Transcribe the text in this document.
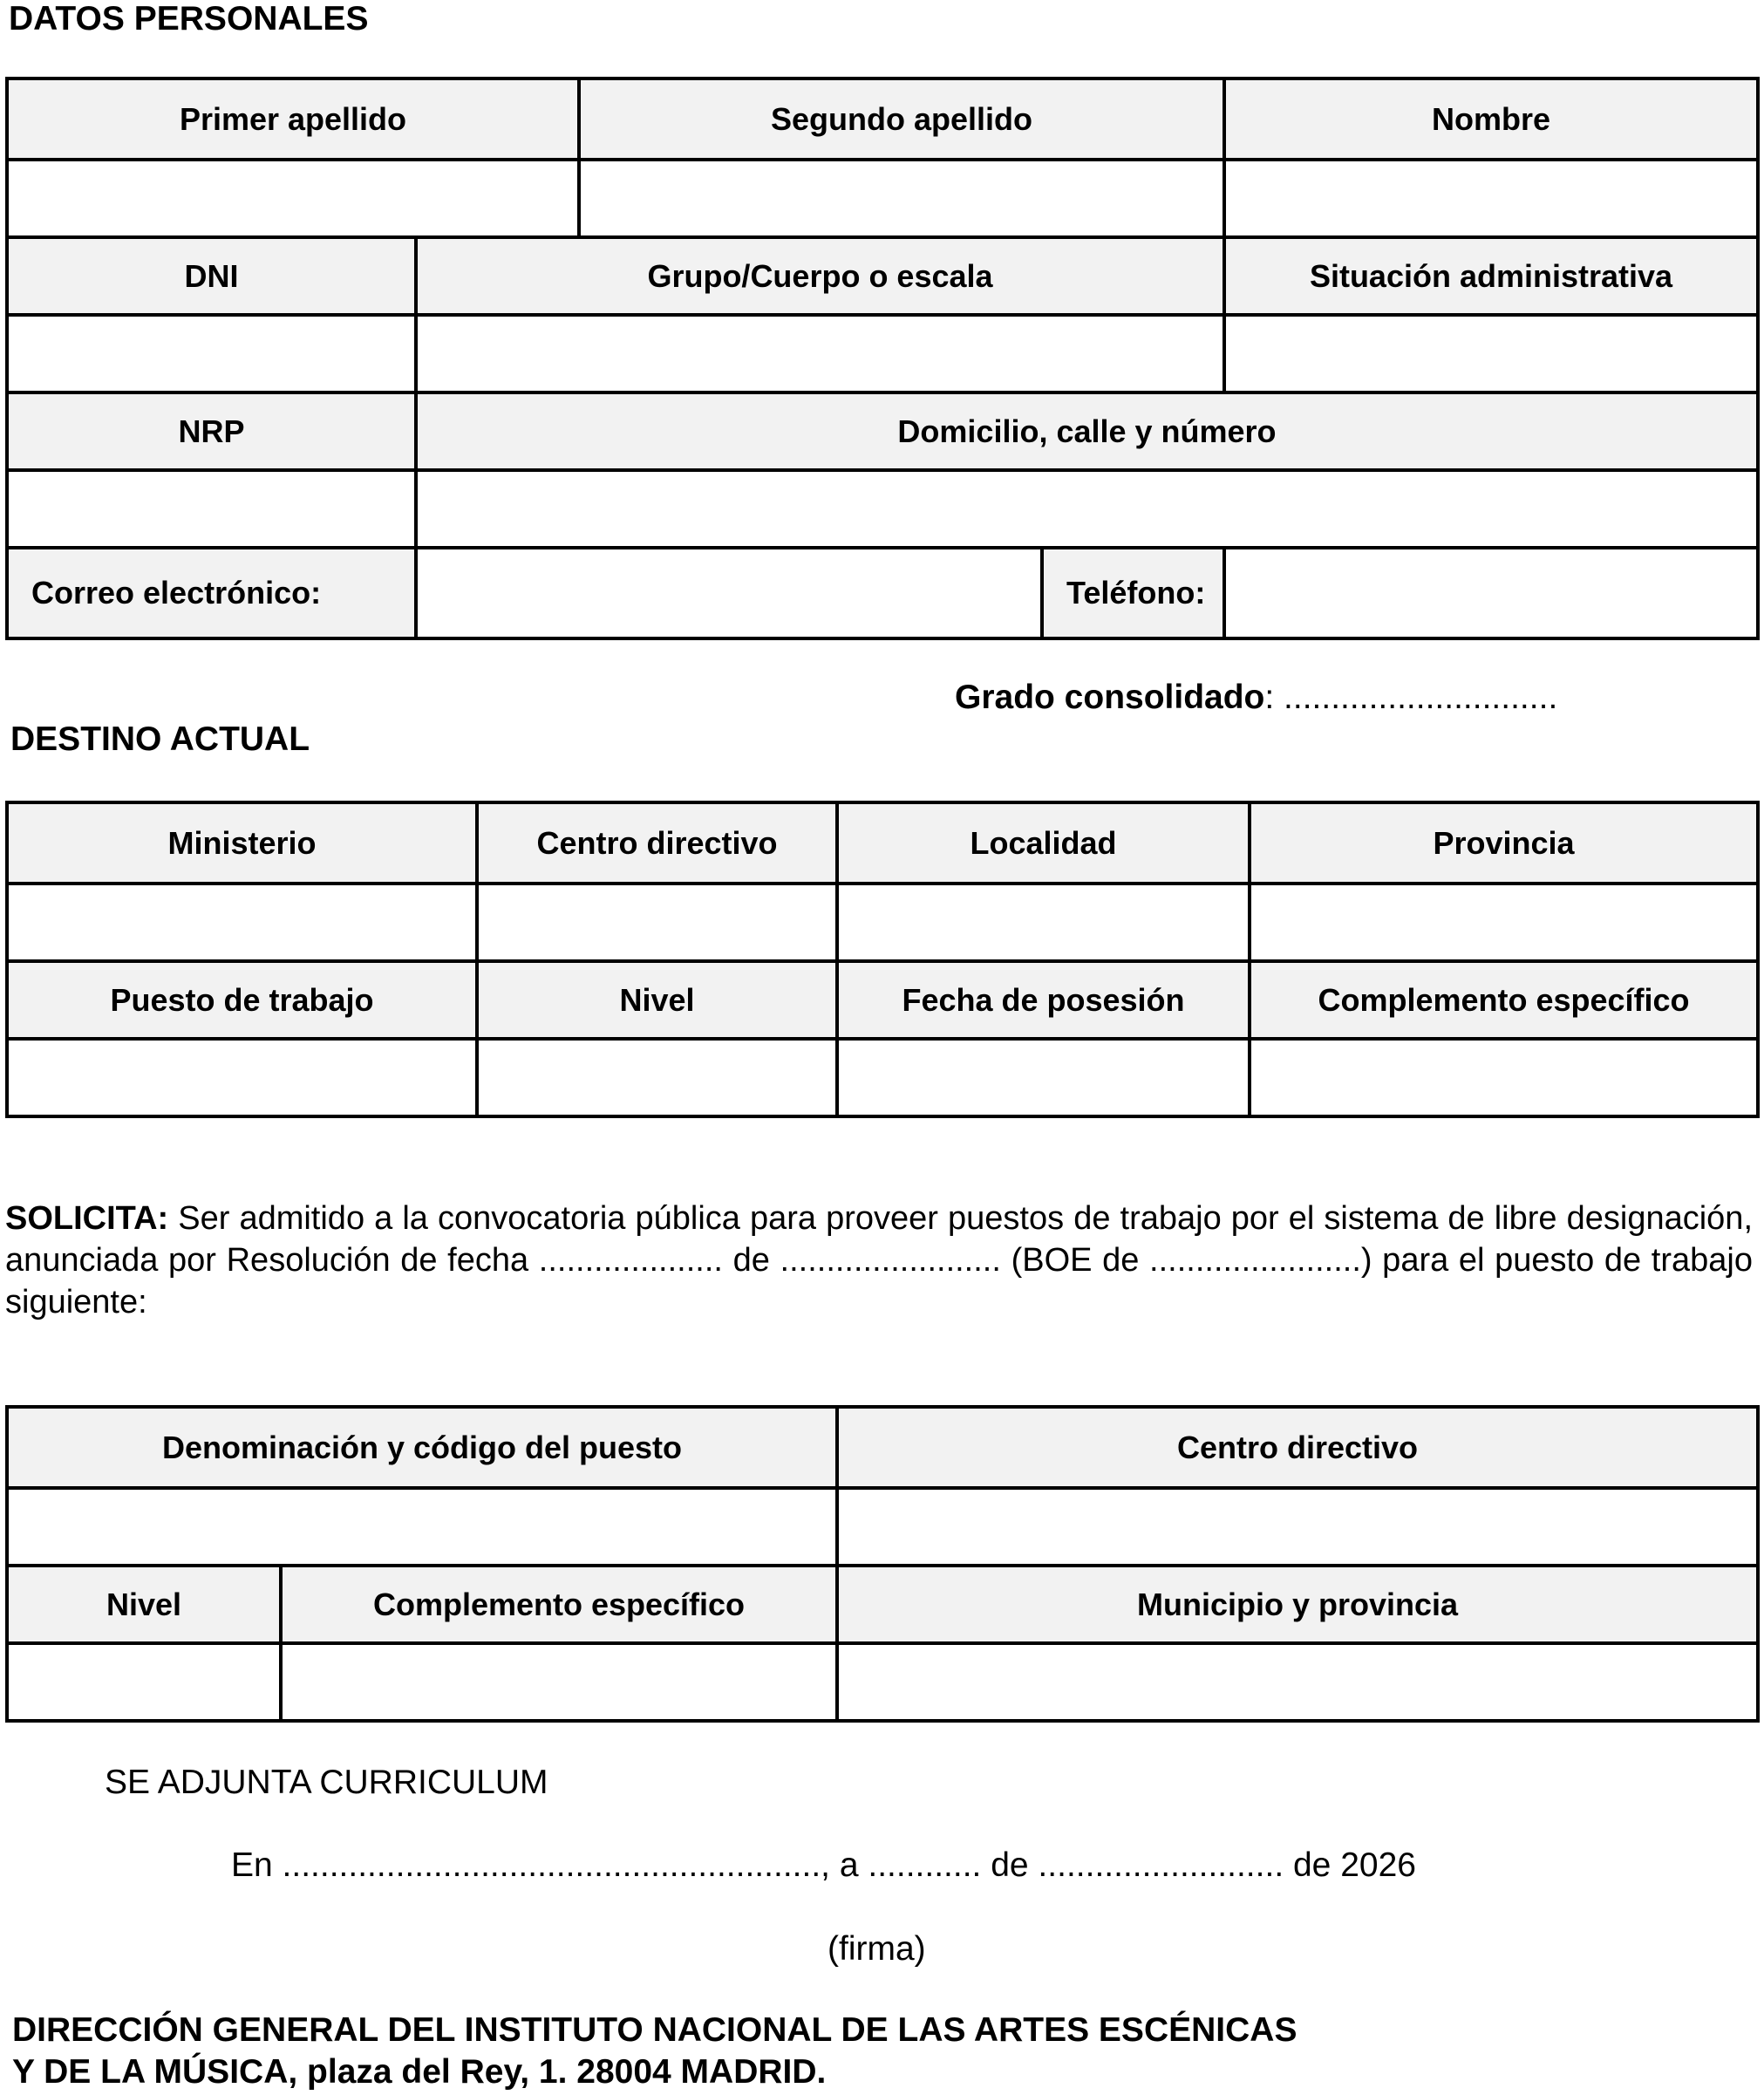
DATOS PERSONALES
Primer apellido	Segundo apellido	Nombre
DNI	Grupo/Cuerpo o escala	Situación administrativa
NRP	Domicilio, calle y número
Correo electrónico:	Teléfono:

Grado consolidado: .............................

DESTINO ACTUAL
Ministerio	Centro directivo	Localidad	Provincia
Puesto de trabajo	Nivel	Fecha de posesión	Complemento específico

SOLICITA: Ser admitido a la convocatoria pública para proveer puestos de trabajo por el sistema de libre designación, anunciada por Resolución de fecha .................... de ........................ (BOE de .......................) para el puesto de trabajo siguiente:

Denominación y código del puesto	Centro directivo
Nivel	Complemento específico	Municipio y provincia

SE ADJUNTA CURRICULUM

En ........................................................., a ............ de .......................... de 2026

(firma)

DIRECCIÓN GENERAL DEL INSTITUTO NACIONAL DE LAS ARTES ESCÉNICAS
Y DE LA MÚSICA, plaza del Rey, 1. 28004 MADRID.
